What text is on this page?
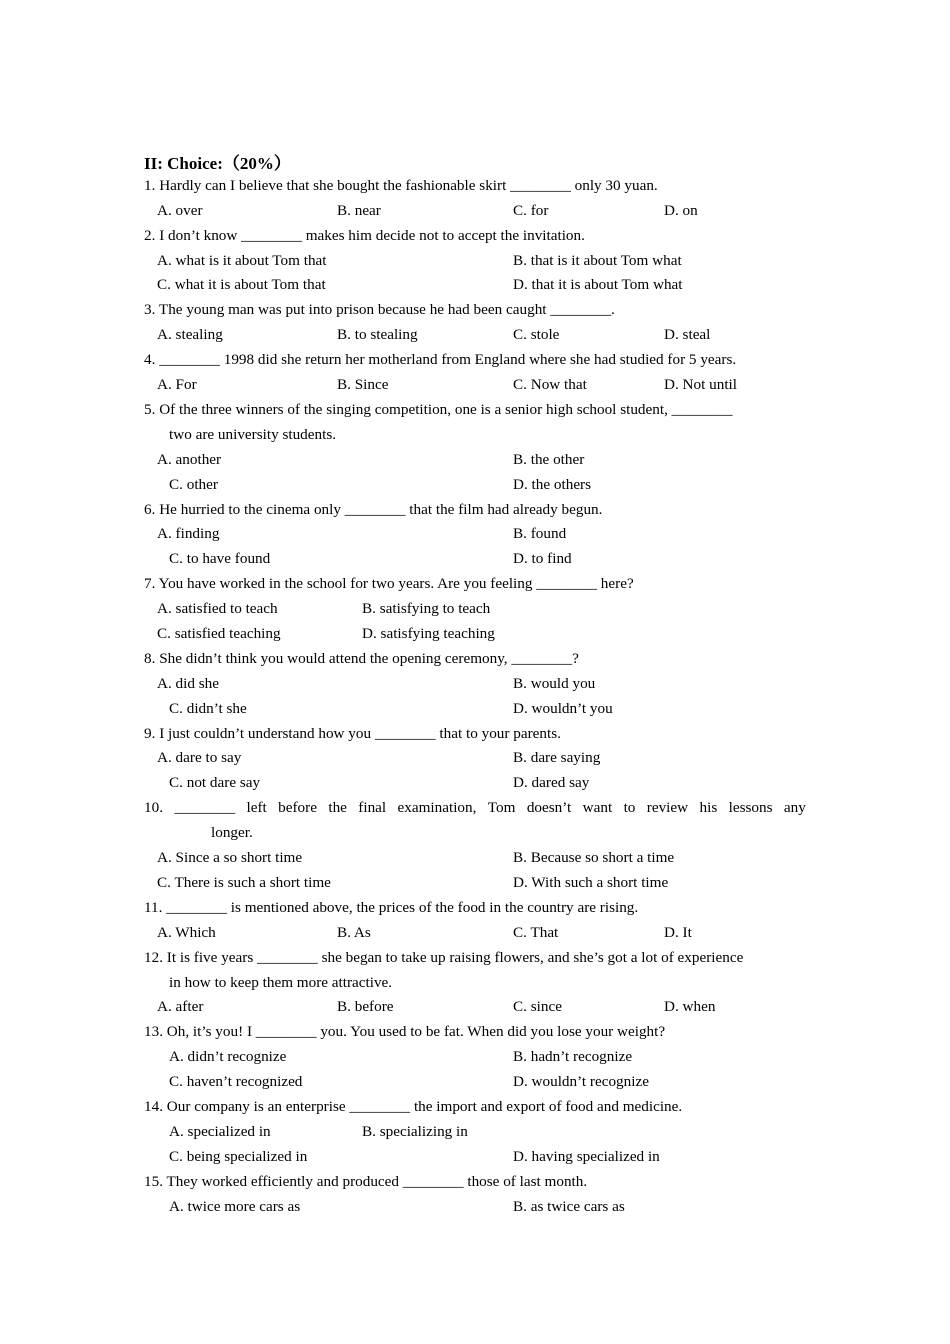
II: Choice:（20%）
1. Hardly can I believe that she bought the fashionable skirt ________ only 30 yuan.
A. over	B. near	C. for	D. on
2. I don’t know ________ makes him decide not to accept the invitation.
A. what is it about Tom that	B. that is it about Tom what
C. what it is about Tom that	D. that it is about Tom what
3. The young man was put into prison because he had been caught ________.
A. stealing	B. to stealing	C. stole	D. steal
4. ________ 1998 did she return her motherland from England where she had studied for 5 years.
A. For	B. Since	C. Now that	D. Not until
5. Of the three winners of the singing competition, one is a senior high school student, ________
two are university students.
A. another	B. the other
C. other	D. the others
6. He hurried to the cinema only ________ that the film had already begun.
A. finding	B. found
C. to have found	D. to find
7. You have worked in the school for two years. Are you feeling ________ here?
A. satisfied to teach	B. satisfying to teach
C. satisfied teaching	D. satisfying teaching
8. She didn’t think you would attend the opening ceremony, ________?
A. did she	B. would you
C. didn’t she	D. wouldn’t you
9. I just couldn’t understand how you ________ that to your parents.
A. dare to say	B. dare saying
C. not dare say	D. dared say
10. ________ left before the final examination, Tom doesn’t want to review his lessons any
longer.
A. Since a so short time	B. Because so short a time
C. There is such a short time	D. With such a short time
11. ________ is mentioned above, the prices of the food in the country are rising.
A. Which	B. As	C. That	D. It
12. It is five years ________ she began to take up raising flowers, and she’s got a lot of experience
in how to keep them more attractive.
A. after	B. before	C. since	D. when
13. Oh, it’s you! I ________ you. You used to be fat. When did you lose your weight?
A. didn’t recognize	B. hadn’t recognize
C. haven’t recognized	D. wouldn’t recognize
14. Our company is an enterprise ________ the import and export of food and medicine.
A. specialized in	B. specializing in
C. being specialized in	D. having specialized in
15. They worked efficiently and produced ________ those of last month.
A. twice more cars as	B. as twice cars as
